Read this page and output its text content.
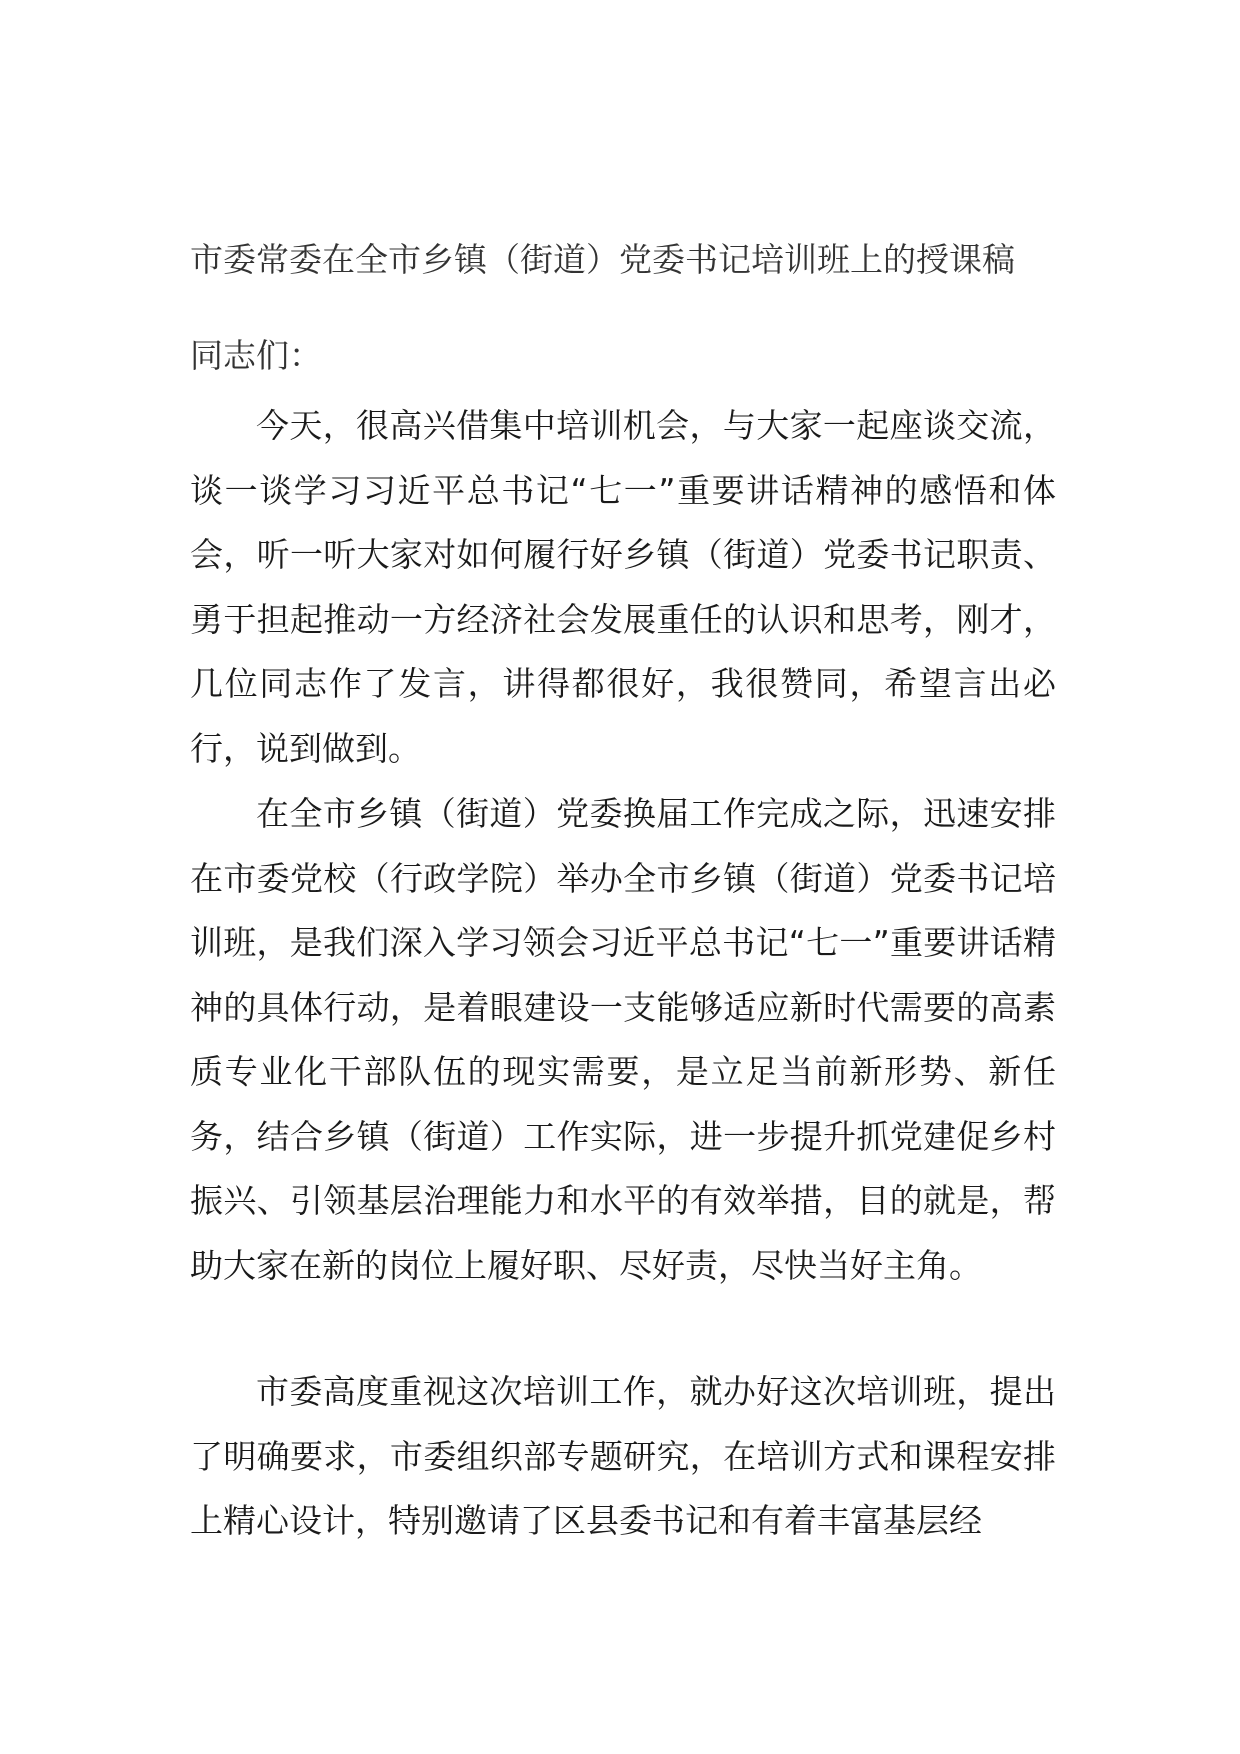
市委常委在全市乡镇（街道）党委书记培训班上的授课稿

同志们：

今天，很高兴借集中培训机会，与大家一起座谈交流，谈一谈学习习近平总书记“七一”重要讲话精神的感悟和体会，听一听大家对如何履行好乡镇（街道）党委书记职责、勇于担起推动一方经济社会发展重任的认识和思考，刚才，几位同志作了发言，讲得都很好，我很赞同，希望言出必行，说到做到。

在全市乡镇（街道）党委换届工作完成之际，迅速安排在市委党校（行政学院）举办全市乡镇（街道）党委书记培训班，是我们深入学习领会习近平总书记“七一”重要讲话精神的具体行动，是着眼建设一支能够适应新时代需要的高素质专业化干部队伍的现实需要，是立足当前新形势、新任务，结合乡镇（街道）工作实际，进一步提升抓党建促乡村振兴、引领基层治理能力和水平的有效举措，目的就是，帮助大家在新的岗位上履好职、尽好责，尽快当好主角。

市委高度重视这次培训工作，就办好这次培训班，提出了明确要求，市委组织部专题研究，在培训方式和课程安排上精心设计，特别邀请了区县委书记和有着丰富基层经
